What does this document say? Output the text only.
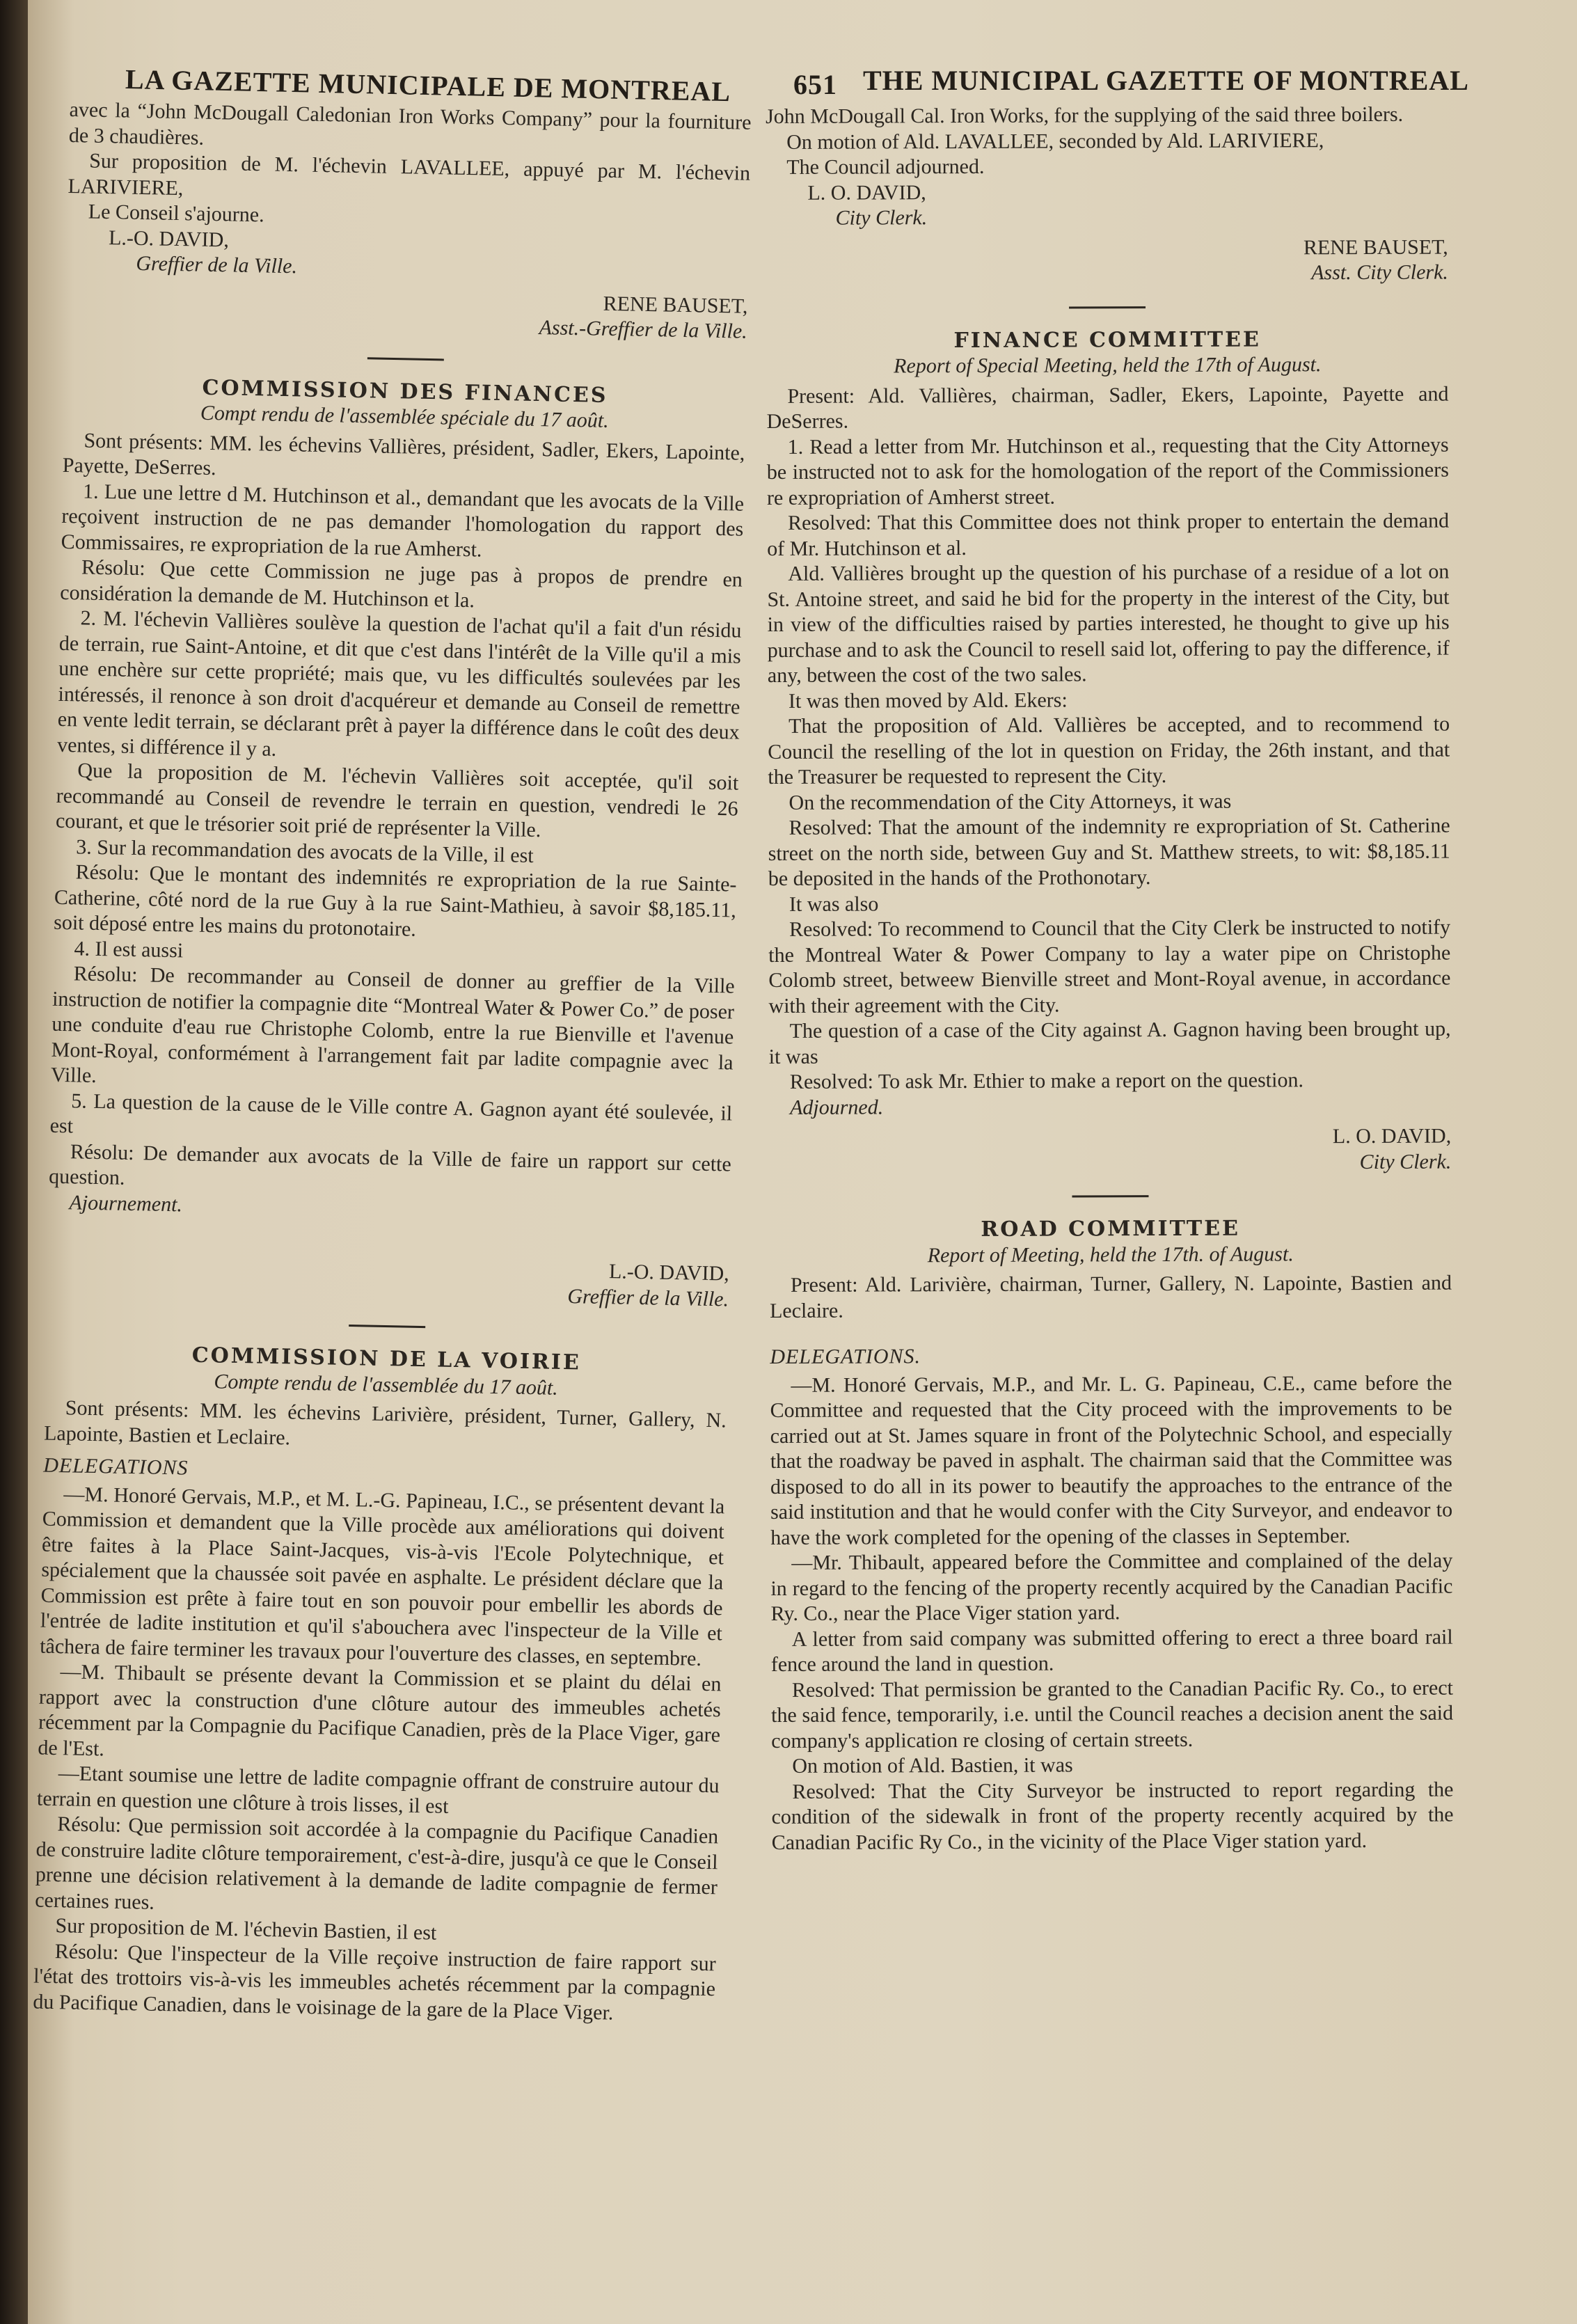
LA GAZETTE MUNICIPALE DE MONTREAL 651 THE MUNICIPAL GAZETTE OF MONTREAL

avec la “John McDougall Caledonian Iron Works Company” pour la fourniture de 3 chaudières.

Sur proposition de M. l'échevin LAVALLEE, appuyé par M. l'échevin LARIVIERE,

Le Conseil s'ajourne.

L.-O. DAVID,
Greffier de la Ville.
RENE BAUSET,
Asst.-Greffier de la Ville.
COMMISSION DES FINANCES
Compt rendu de l'assemblée spéciale du 17 août.

Sont présents: MM. les échevins Vallières, président, Sadler, Ekers, Lapointe, Payette, DeSerres.

1. Lue une lettre d M. Hutchinson et al., demandant que les avocats de la Ville reçoivent instruction de ne pas demander l'homologation du rapport des Commissaires, re expropriation de la rue Amherst.

Résolu: Que cette Commission ne juge pas à propos de prendre en considération la demande de M. Hutchinson et la.

2. M. l'échevin Vallières soulève la question de l'achat qu'il a fait d'un résidu de terrain, rue Saint-Antoine, et dit que c'est dans l'intérêt de la Ville qu'il a mis une enchère sur cette propriété; mais que, vu les difficultés soulevées par les intéressés, il renonce à son droit d'acquéreur et demande au Conseil de remettre en vente ledit terrain, se déclarant prêt à payer la différence dans le coût des deux ventes, si différence il y a.

Que la proposition de M. l'échevin Vallières soit acceptée, qu'il soit recommandé au Conseil de revendre le terrain en question, vendredi le 26 courant, et que le trésorier soit prié de représenter la Ville.

3. Sur la recommandation des avocats de la Ville, il est

Résolu: Que le montant des indemnités re expropriation de la rue Sainte-Catherine, côté nord de la rue Guy à la rue Saint-Mathieu, à savoir $8,185.11, soit déposé entre les mains du protonotaire.

4. Il est aussi

Résolu: De recommander au Conseil de donner au greffier de la Ville instruction de notifier la compagnie dite “Montreal Water & Power Co.” de poser une conduite d'eau rue Christophe Colomb, entre la rue Bienville et l'avenue Mont-Royal, conformément à l'arrangement fait par ladite compagnie avec la Ville.

5. La question de la cause de le Ville contre A. Gagnon ayant été soulevée, il est

Résolu: De demander aux avocats de la Ville de faire un rapport sur cette question.

Ajournement.

L.-O. DAVID,
Greffier de la Ville.
COMMISSION DE LA VOIRIE
Compte rendu de l'assemblée du 17 août.

Sont présents: MM. les échevins Larivière, président, Turner, Gallery, N. Lapointe, Bastien et Leclaire.

DELEGATIONS

—M. Honoré Gervais, M.P., et M. L.-G. Papineau, I.C., se présentent devant la Commission et demandent que la Ville procède aux améliorations qui doivent être faites à la Place Saint-Jacques, vis-à-vis l'Ecole Polytechnique, et spécialement que la chaussée soit pavée en asphalte. Le président déclare que la Commission est prête à faire tout en son pouvoir pour embellir les abords de l'entrée de ladite institution et qu'il s'abouchera avec l'inspecteur de la Ville et tâchera de faire terminer les travaux pour l'ouverture des classes, en septembre.

—M. Thibault se présente devant la Commission et se plaint du délai en rapport avec la construction d'une clôture autour des immeubles achetés récemment par la Compagnie du Pacifique Canadien, près de la Place Viger, gare de l'Est.

—Etant soumise une lettre de ladite compagnie offrant de construire autour du terrain en question une clôture à trois lisses, il est

Résolu: Que permission soit accordée à la compagnie du Pacifique Canadien de construire ladite clôture temporairement, c'est-à-dire, jusqu'à ce que le Conseil prenne une décision relativement à la demande de ladite compagnie de fermer certaines rues.

Sur proposition de M. l'échevin Bastien, il est

Résolu: Que l'inspecteur de la Ville reçoive instruction de faire rapport sur l'état des trottoirs vis-à-vis les immeubles achetés récemment par la compagnie du Pacifique Canadien, dans le voisinage de la gare de la Place Viger.

John McDougall Cal. Iron Works, for the supplying of the said three boilers.

On motion of Ald. LAVALLEE, seconded by Ald. LARIVIERE,

The Council adjourned.

L. O. DAVID,
City Clerk.
RENE BAUSET,
Asst. City Clerk.
FINANCE COMMITTEE
Report of Special Meeting, held the 17th of August.

Present: Ald. Vallières, chairman, Sadler, Ekers, Lapointe, Payette and DeSerres.

1. Read a letter from Mr. Hutchinson et al., requesting that the City Attorneys be instructed not to ask for the homologation of the report of the Commissioners re expropriation of Amherst street.

Resolved: That this Committee does not think proper to entertain the demand of Mr. Hutchinson et al.

Ald. Vallières brought up the question of his purchase of a residue of a lot on St. Antoine street, and said he bid for the property in the interest of the City, but in view of the difficulties raised by parties interested, he thought to give up his purchase and to ask the Council to resell said lot, offering to pay the difference, if any, between the cost of the two sales.

It was then moved by Ald. Ekers:

That the proposition of Ald. Vallières be accepted, and to recommend to Council the reselling of the lot in question on Friday, the 26th instant, and that the Treasurer be requested to represent the City.

On the recommendation of the City Attorneys, it was

Resolved: That the amount of the indemnity re expropriation of St. Catherine street on the north side, between Guy and St. Matthew streets, to wit: $8,185.11 be deposited in the hands of the Prothonotary.

It was also

Resolved: To recommend to Council that the City Clerk be instructed to notify the Montreal Water & Power Company to lay a water pipe on Christophe Colomb street, betweew Bienville street and Mont-Royal avenue, in accordance with their agreement with the City.

The question of a case of the City against A. Gagnon having been brought up, it was

Resolved: To ask Mr. Ethier to make a report on the question.

Adjourned.

L. O. DAVID,
City Clerk.
ROAD COMMITTEE
Report of Meeting, held the 17th. of August.

Present: Ald. Larivière, chairman, Turner, Gallery, N. Lapointe, Bastien and Leclaire.

DELEGATIONS.

—M. Honoré Gervais, M.P., and Mr. L. G. Papineau, C.E., came before the Committee and requested that the City proceed with the improvements to be carried out at St. James square in front of the Polytechnic School, and especially that the roadway be paved in asphalt. The chairman said that the Committee was disposed to do all in its power to beautify the approaches to the entrance of the said institution and that he would confer with the City Surveyor, and endeavor to have the work completed for the opening of the classes in September.

—Mr. Thibault, appeared before the Committee and complained of the delay in regard to the fencing of the property recently acquired by the Canadian Pacific Ry. Co., near the Place Viger station yard.

A letter from said company was submitted offering to erect a three board rail fence around the land in question.

Resolved: That permission be granted to the Canadian Pacific Ry. Co., to erect the said fence, temporarily, i.e. until the Council reaches a decision anent the said company's application re closing of certain streets.

On motion of Ald. Bastien, it was

Resolved: That the City Surveyor be instructed to report regarding the condition of the sidewalk in front of the property recently acquired by the Canadian Pacific Ry Co., in the vicinity of the Place Viger station yard.
